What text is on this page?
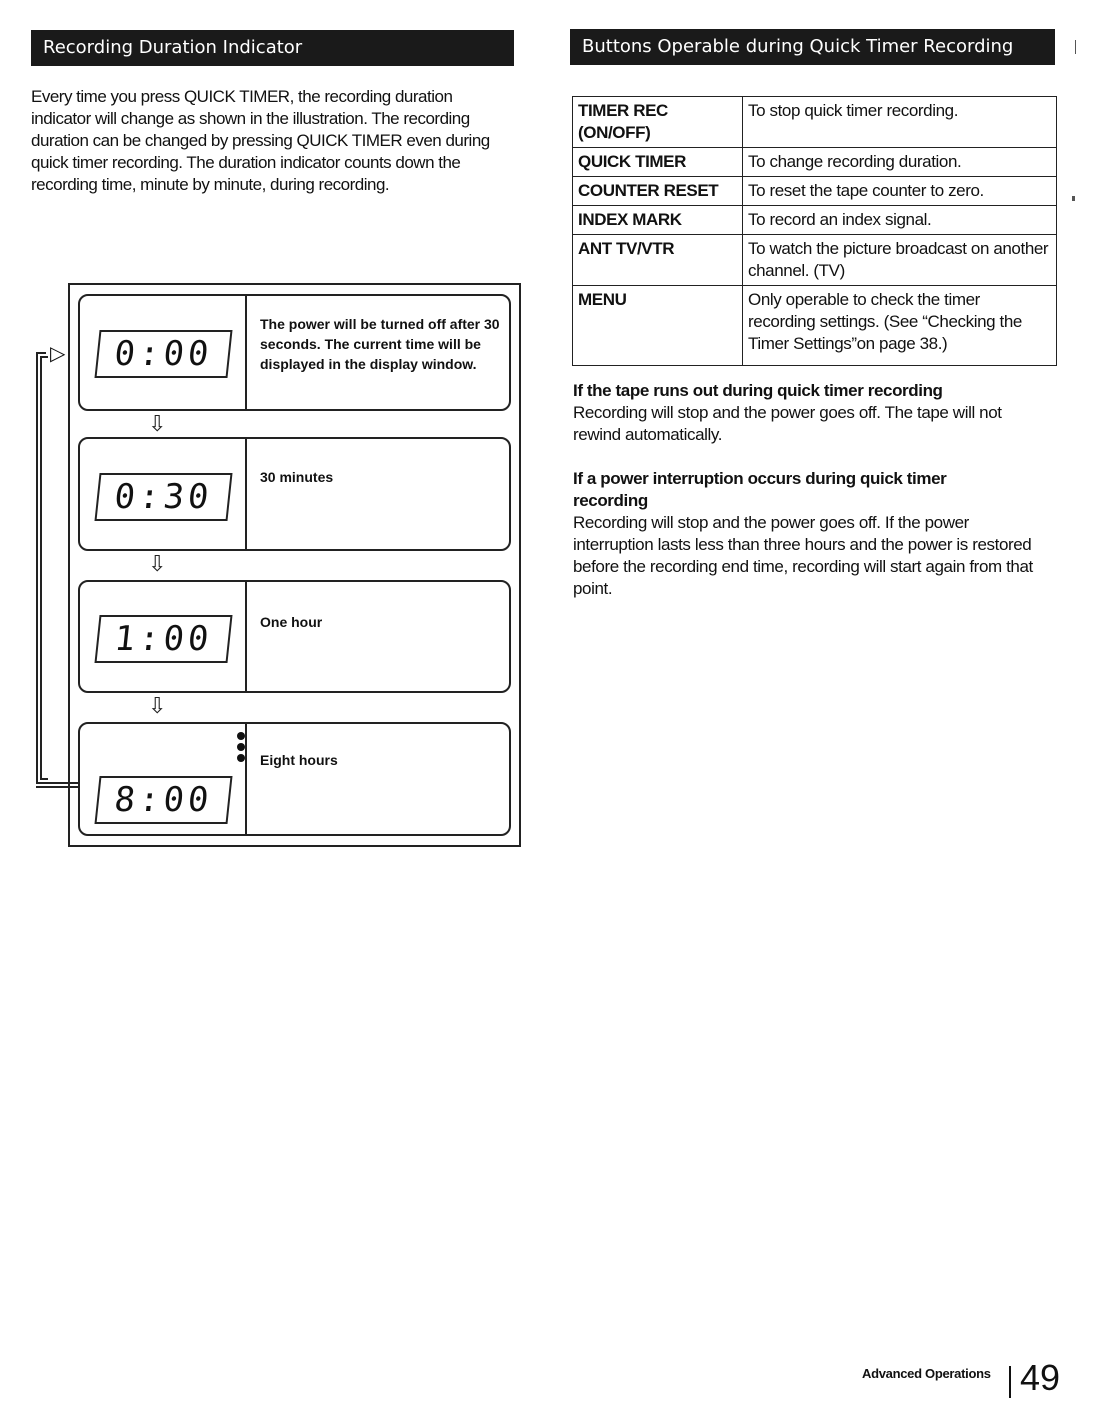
Recording Duration Indicator	Buttons Operable during Quick Timer Recording

Every time you press QUICK TIMER, the recording duration indicator will change as shown in the illustration. The recording duration can be changed by pressing QUICK TIMER even during quick timer recording. The duration indicator counts down the recording time, minute by minute, during recording.

▷	0:00
The power will be turned off after 30 seconds. The current time will be displayed in the display window.
⇩
0:30	30 minutes
⇩
1:00	One hour
⇩
8:00
Eight hours
TIMER REC (ON/OFF)	To stop quick timer recording.
QUICK TIMER	To change recording duration.
COUNTER RESET	To reset the tape counter to zero.
INDEX MARK	To record an index signal.
ANT TV/VTR	To watch the picture broadcast on another channel. (TV)
MENU	Only operable to check the timer recording settings. (See “Checking the Timer Settings”on page 38.)
If the tape runs out during quick timer recording
Recording will stop and the power goes off. The tape will not rewind automatically.
If a power interruption occurs during quick timer recording
Recording will stop and the power goes off. If the power interruption lasts less than three hours and the power is restored before the recording end time, recording will start again from that point.
Advanced Operations 49
